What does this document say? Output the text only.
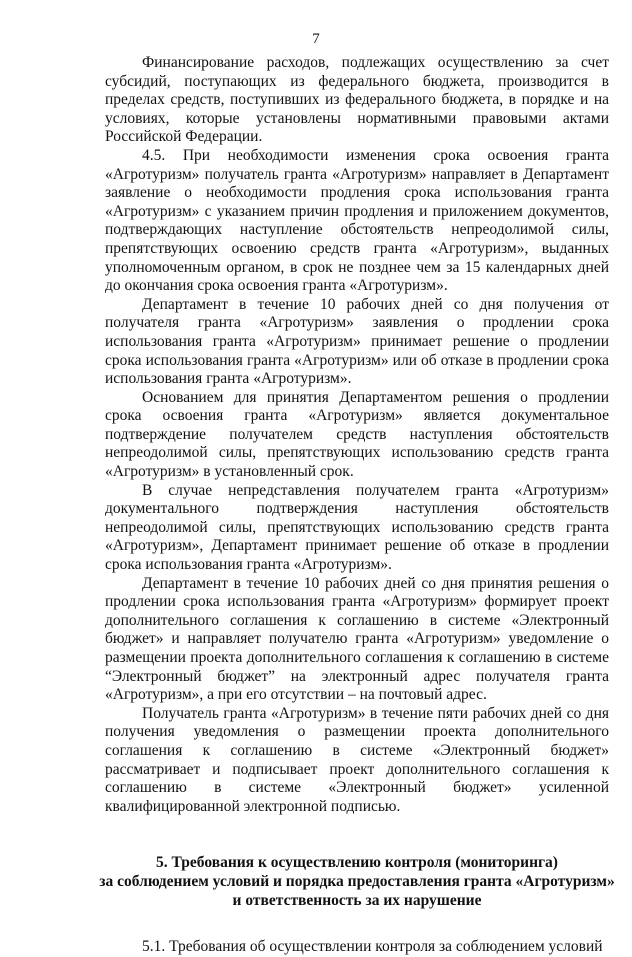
7

Финансирование расходов, подлежащих осуществлению за счет субсидий, поступающих из федерального бюджета, производится в пределах средств, поступивших из федерального бюджета, в порядке и на условиях, которые установлены нормативными правовыми актами Российской Федерации.

4.5. При необходимости изменения срока освоения гранта «Агротуризм» получатель гранта «Агротуризм» направляет в Департамент заявление о необходимости продления срока использования гранта «Агротуризм» с указанием причин продления и приложением документов, подтверждающих наступление обстоятельств непреодолимой силы, препятствующих освоению средств гранта «Агротуризм», выданных уполномоченным органом, в срок не позднее чем за 15 календарных дней до окончания срока освоения гранта «Агротуризм».

Департамент в течение 10 рабочих дней со дня получения от получателя гранта «Агротуризм» заявления о продлении срока использования гранта «Агротуризм» принимает решение о продлении срока использования гранта «Агротуризм» или об отказе в продлении срока использования гранта «Агротуризм».

Основанием для принятия Департаментом решения о продлении срока освоения гранта «Агротуризм» является документальное подтверждение получателем средств наступления обстоятельств непреодолимой силы, препятствующих использованию средств гранта «Агротуризм» в установленный срок.

В случае непредставления получателем гранта «Агротуризм» документального подтверждения наступления обстоятельств непреодолимой силы, препятствующих использованию средств гранта «Агротуризм», Департамент принимает решение об отказе в продлении срока использования гранта «Агротуризм».

Департамент в течение 10 рабочих дней со дня принятия решения о продлении срока использования гранта «Агротуризм» формирует проект дополнительного соглашения к соглашению в системе «Электронный бюджет» и направляет получателю гранта «Агротуризм» уведомление о размещении проекта дополнительного соглашения к соглашению в системе “Электронный бюджет” на электронный адрес получателя гранта «Агротуризм», а при его отсутствии – на почтовый адрес.

Получатель гранта «Агротуризм» в течение пяти рабочих дней со дня получения уведомления о размещении проекта дополнительного соглашения к соглашению в системе «Электронный бюджет» рассматривает и подписывает проект дополнительного соглашения к соглашению в системе «Электронный бюджет» усиленной квалифицированной электронной подписью.

5. Требования к осуществлению контроля (мониторинга)
за соблюдением условий и порядка предоставления гранта «Агротуризм»
и ответственность за их нарушение

5.1. Требования об осуществлении контроля за соблюдением условий
